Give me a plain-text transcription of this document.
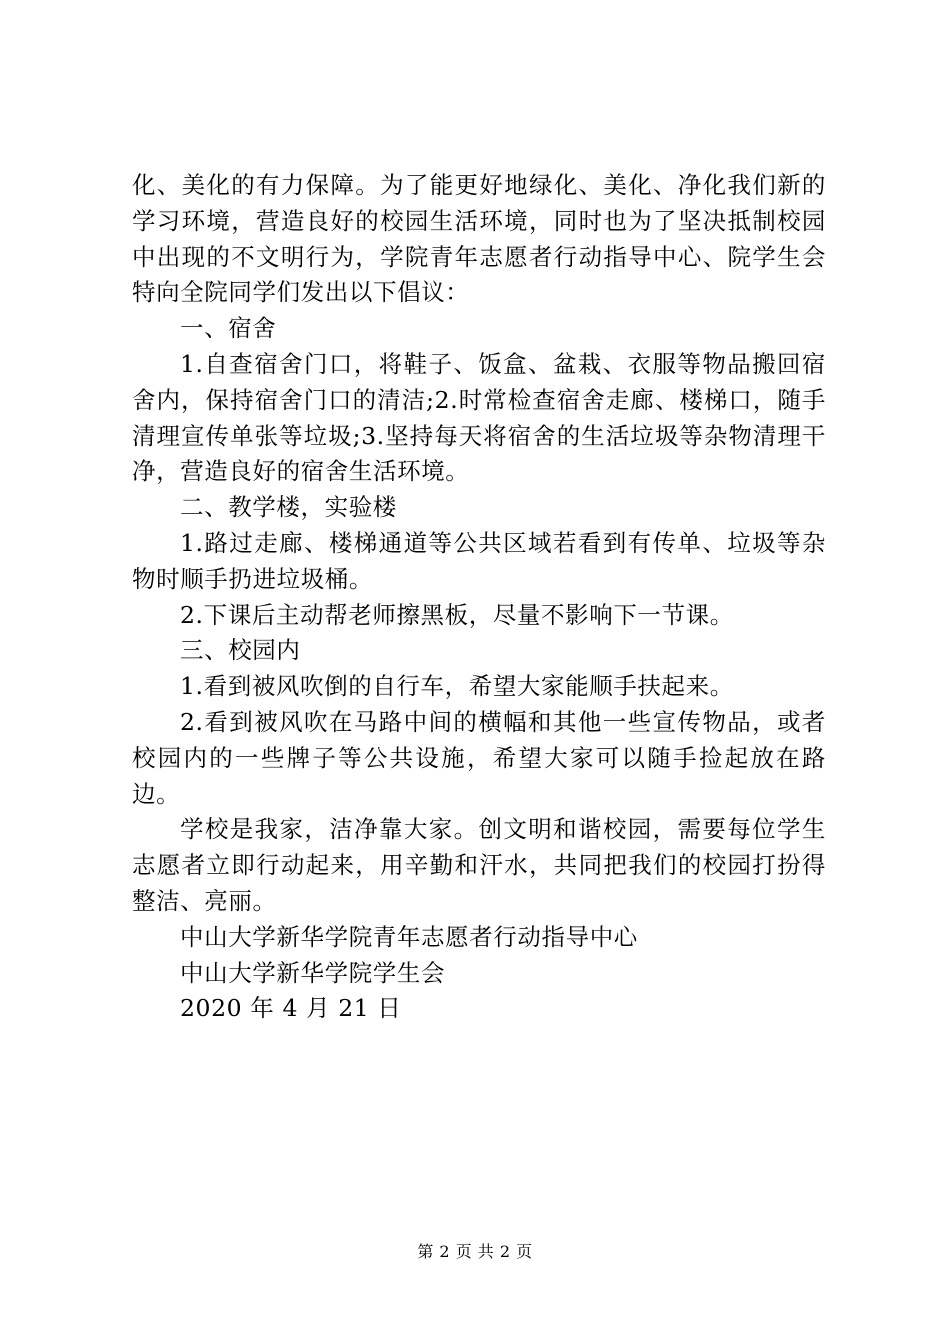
化、美化的有力保障。为了能更好地绿化、美化、净化我们新的学习环境，营造良好的校园生活环境，同时也为了坚决抵制校园中出现的不文明行为，学院青年志愿者行动指导中心、院学生会特向全院同学们发出以下倡议：

一、宿舍

1.自查宿舍门口，将鞋子、饭盒、盆栽、衣服等物品搬回宿舍内，保持宿舍门口的清洁;2.时常检查宿舍走廊、楼梯口，随手清理宣传单张等垃圾;3.坚持每天将宿舍的生活垃圾等杂物清理干净，营造良好的宿舍生活环境。

二、教学楼，实验楼

1.路过走廊、楼梯通道等公共区域若看到有传单、垃圾等杂物时顺手扔进垃圾桶。

2.下课后主动帮老师擦黑板，尽量不影响下一节课。

三、校园内

1.看到被风吹倒的自行车，希望大家能顺手扶起来。

2.看到被风吹在马路中间的横幅和其他一些宣传物品，或者校园内的一些牌子等公共设施，希望大家可以随手捡起放在路边。

学校是我家，洁净靠大家。创文明和谐校园，需要每位学生志愿者立即行动起来，用辛勤和汗水，共同把我们的校园打扮得整洁、亮丽。

中山大学新华学院青年志愿者行动指导中心

中山大学新华学院学生会

2020 年 4 月 21 日

第 2 页 共 2 页
